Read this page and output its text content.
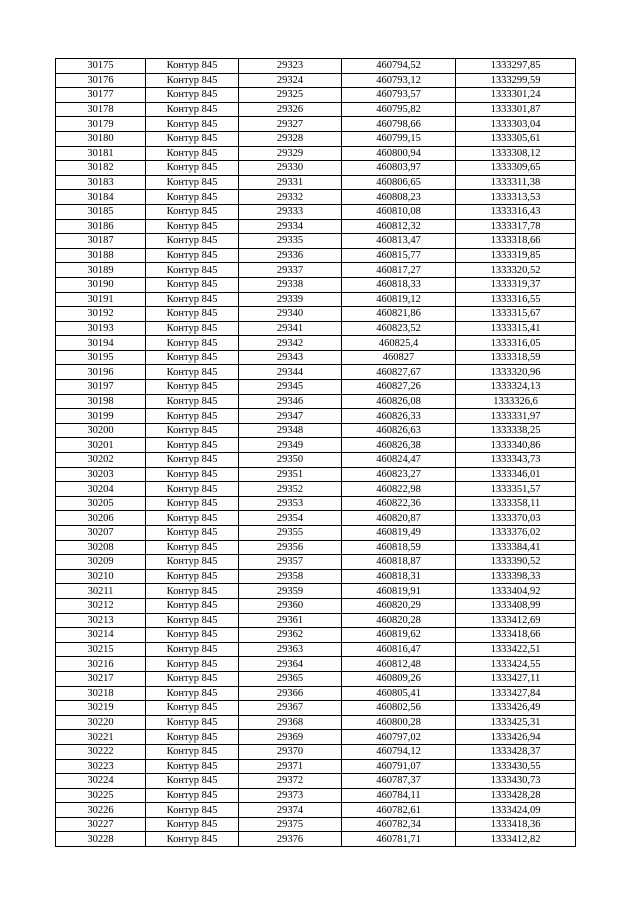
30175	Контур 845	29323	460794,52	1333297,85
30176	Контур 845	29324	460793,12	1333299,59
30177	Контур 845	29325	460793,57	1333301,24
30178	Контур 845	29326	460795,82	1333301,87
30179	Контур 845	29327	460798,66	1333303,04
30180	Контур 845	29328	460799,15	1333305,61
30181	Контур 845	29329	460800,94	1333308,12
30182	Контур 845	29330	460803,97	1333309,65
30183	Контур 845	29331	460806,65	1333311,38
30184	Контур 845	29332	460808,23	1333313,53
30185	Контур 845	29333	460810,08	1333316,43
30186	Контур 845	29334	460812,32	1333317,78
30187	Контур 845	29335	460813,47	1333318,66
30188	Контур 845	29336	460815,77	1333319,85
30189	Контур 845	29337	460817,27	1333320,52
30190	Контур 845	29338	460818,33	1333319,37
30191	Контур 845	29339	460819,12	1333316,55
30192	Контур 845	29340	460821,86	1333315,67
30193	Контур 845	29341	460823,52	1333315,41
30194	Контур 845	29342	460825,4	1333316,05
30195	Контур 845	29343	460827	1333318,59
30196	Контур 845	29344	460827,67	1333320,96
30197	Контур 845	29345	460827,26	1333324,13
30198	Контур 845	29346	460826,08	1333326,6
30199	Контур 845	29347	460826,33	1333331,97
30200	Контур 845	29348	460826,63	1333338,25
30201	Контур 845	29349	460826,38	1333340,86
30202	Контур 845	29350	460824,47	1333343,73
30203	Контур 845	29351	460823,27	1333346,01
30204	Контур 845	29352	460822,98	1333351,57
30205	Контур 845	29353	460822,36	1333358,11
30206	Контур 845	29354	460820,87	1333370,03
30207	Контур 845	29355	460819,49	1333376,02
30208	Контур 845	29356	460818,59	1333384,41
30209	Контур 845	29357	460818,87	1333390,52
30210	Контур 845	29358	460818,31	1333398,33
30211	Контур 845	29359	460819,91	1333404,92
30212	Контур 845	29360	460820,29	1333408,99
30213	Контур 845	29361	460820,28	1333412,69
30214	Контур 845	29362	460819,62	1333418,66
30215	Контур 845	29363	460816,47	1333422,51
30216	Контур 845	29364	460812,48	1333424,55
30217	Контур 845	29365	460809,26	1333427,11
30218	Контур 845	29366	460805,41	1333427,84
30219	Контур 845	29367	460802,56	1333426,49
30220	Контур 845	29368	460800,28	1333425,31
30221	Контур 845	29369	460797,02	1333426,94
30222	Контур 845	29370	460794,12	1333428,37
30223	Контур 845	29371	460791,07	1333430,55
30224	Контур 845	29372	460787,37	1333430,73
30225	Контур 845	29373	460784,11	1333428,28
30226	Контур 845	29374	460782,61	1333424,09
30227	Контур 845	29375	460782,34	1333418,36
30228	Контур 845	29376	460781,71	1333412,82
